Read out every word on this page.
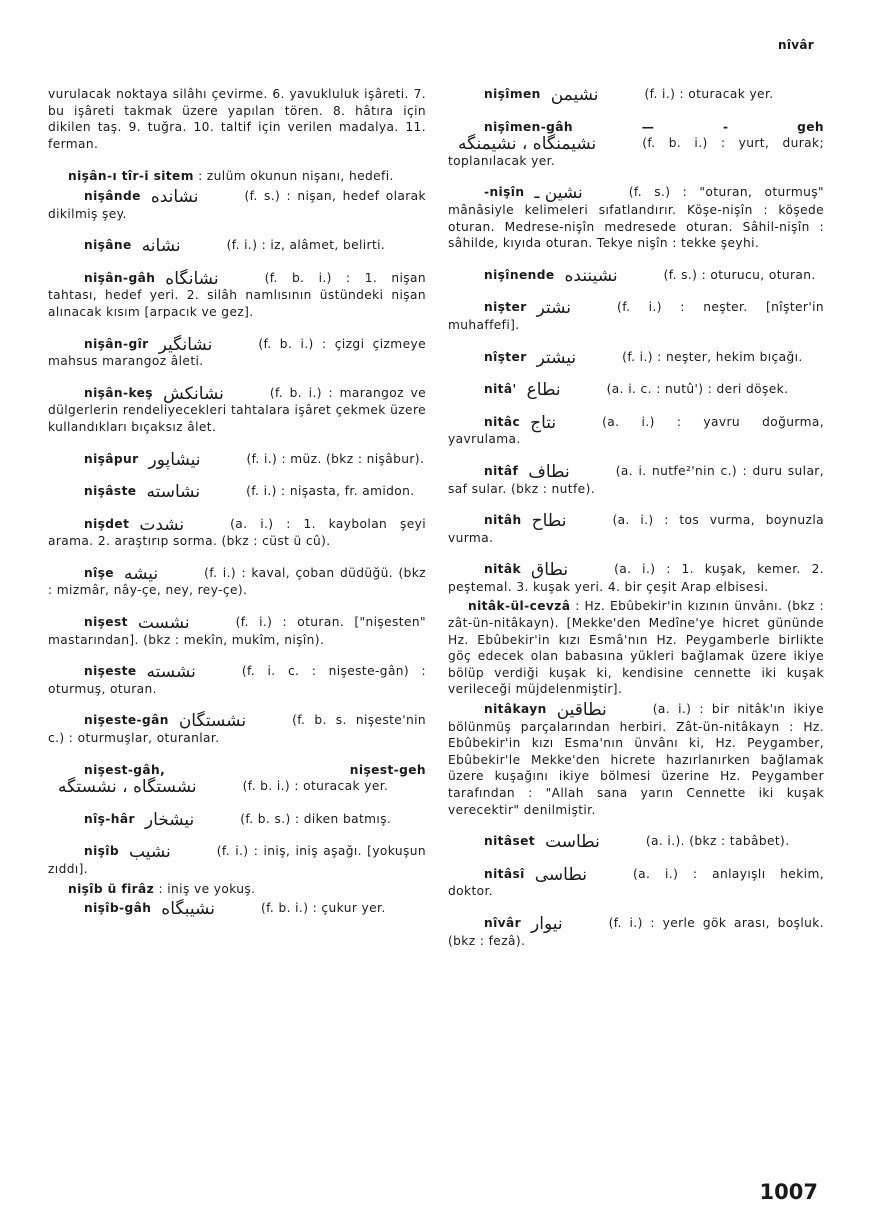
nîvâr
vurulacak noktaya silâhı çevirme. 6. yavukluluk işâreti. 7. bu işâreti takmak üzere yapılan tören. 8. hâtıra için dikilen taş. 9. tuğra. 10. taltif için verilen madalya. 11. ferman.
nişân-ı tîr-i sitem : zulüm okunun nişanı, hedefi.
nişânde نشانده	(f. s.) : nişan, hedef olarak dikilmiş şey.
nişâne نشانه	(f. i.) : iz, alâmet, belirti.
nişân-gâh نشانگاه	(f. b. i.) : 1. nişan tahtası, hedef yeri. 2. silâh namlısının üstündeki nişan alınacak kısım [arpacık ve gez].
nişân-gîr نشانگیر	(f. b. i.) : çizgi çizmeye mahsus marangoz âleti.
nişân-keş نشانکش	(f. b. i.) : marangoz ve dülgerlerin rendeliyecekleri tahtalara işâret çekmek üzere kullandıkları bıçaksız âlet.
nişâpur نیشاپور	(f. i.) : müz. (bkz : nişâbur).
nişâste نشاسته	(f. i.) : nişasta, fr. amidon.
nişdet نشدت	(a. i.) : 1. kaybolan şeyi arama. 2. araştırıp sorma. (bkz : cüst ü cû).
nîşe نیشه	(f. i.) : kaval, çoban düdüğü. (bkz : mizmâr, nây-çe, ney, rey-çe).
nişest نشست	(f. i.) : oturan. ["nişesten" mastarından]. (bkz : mekîn, mukîm, nişîn).
nişeste نشسته	(f. i. c. : nişeste-gân) : oturmuş, oturan.
nişeste-gân نشستگان	(f. b. s. nişeste'nin c.) : oturmuşlar, oturanlar.
nişest-gâh, nişest-gehنشستگاه ، نشستگه	(f. b. i.) : oturacak yer.
nîş-hâr نیشخار	(f. b. s.) : diken batmış.
nişîb نشیب	(f. i.) : iniş, iniş aşağı. [yokuşun zıddı].
nişîb ü firâz : iniş ve yokuş.
nişîb-gâh نشیبگاه	(f. b. i.) : çukur yer.
nişîmen نشیمن	(f. i.) : oturacak yer.
nişîmen-gâh — - gehنشیمنگاه ، نشیمنگه	(f. b. i.) : yurt, durak; toplanılacak yer.
-nişîn نشین ـ	(f. s.) : "oturan, oturmuş" mânâsiyle kelimeleri sıfatlandırır. Köşe-nişîn : köşede oturan. Medrese-nişîn medresede oturan. Sâhil-nişîn : sâhilde, kıyıda oturan. Tekye nişîn : tekke şeyhi.
nişînende نشیننده	(f. s.) : oturucu, oturan.
nişter نشتر	(f. i.) : neşter. [nîşter'in muhaffefi].
nîşter نیشتر	(f. i.) : neşter, hekim bıçağı.
nitâ' نطاع	(a. i. c. : nutû') : deri döşek.
nitâc نتاج	(a. i.) : yavru doğurma, yavrulama.
nitâf نطاف	(a. i. nutfe²'nin c.) : duru sular, saf sular. (bkz : nutfe).
nitâh نطاح	(a. i.) : tos vurma, boynuzla vurma.
nitâk نطاق	(a. i.) : 1. kuşak, kemer. 2. peştemal. 3. kuşak yeri. 4. bir çeşit Arap elbisesi.
nitâk-ül-cevzâ : Hz. Ebûbekir'in kızının ünvânı. (bkz : zât-ün-nitâkayn). [Mekke'den Medîne'ye hicret gününde Hz. Ebûbekir'in kızı Esmâ'nın Hz. Peygamberle birlikte göç edecek olan babasına yükleri bağlamak üzere ikiye bölüp verdiği kuşak ki, kendisine cennette iki kuşak verileceği müjdelenmiştir].
nitâkayn نطاقین	(a. i.) : bir nitâk'ın ikiye bölünmüş parçalarından herbiri. Zât-ün-nitâkayn : Hz. Ebûbekir'in kızı Esma'nın ünvânı ki, Hz. Peygamber, Ebûbekir'le Mekke'den hicrete hazırlanırken bağlamak üzere kuşağını ikiye bölmesi üzerine Hz. Peygamber tarafından : "Allah sana yarın Cennette iki kuşak verecektir" denilmiştir.
nitâset نطاست	(a. i.). (bkz : tabâbet).
nitâsî نطاسی	(a. i.) : anlayışlı hekim, doktor.
nîvâr نیوار	(f. i.) : yerle gök arası, boşluk. (bkz : fezâ).
1007
